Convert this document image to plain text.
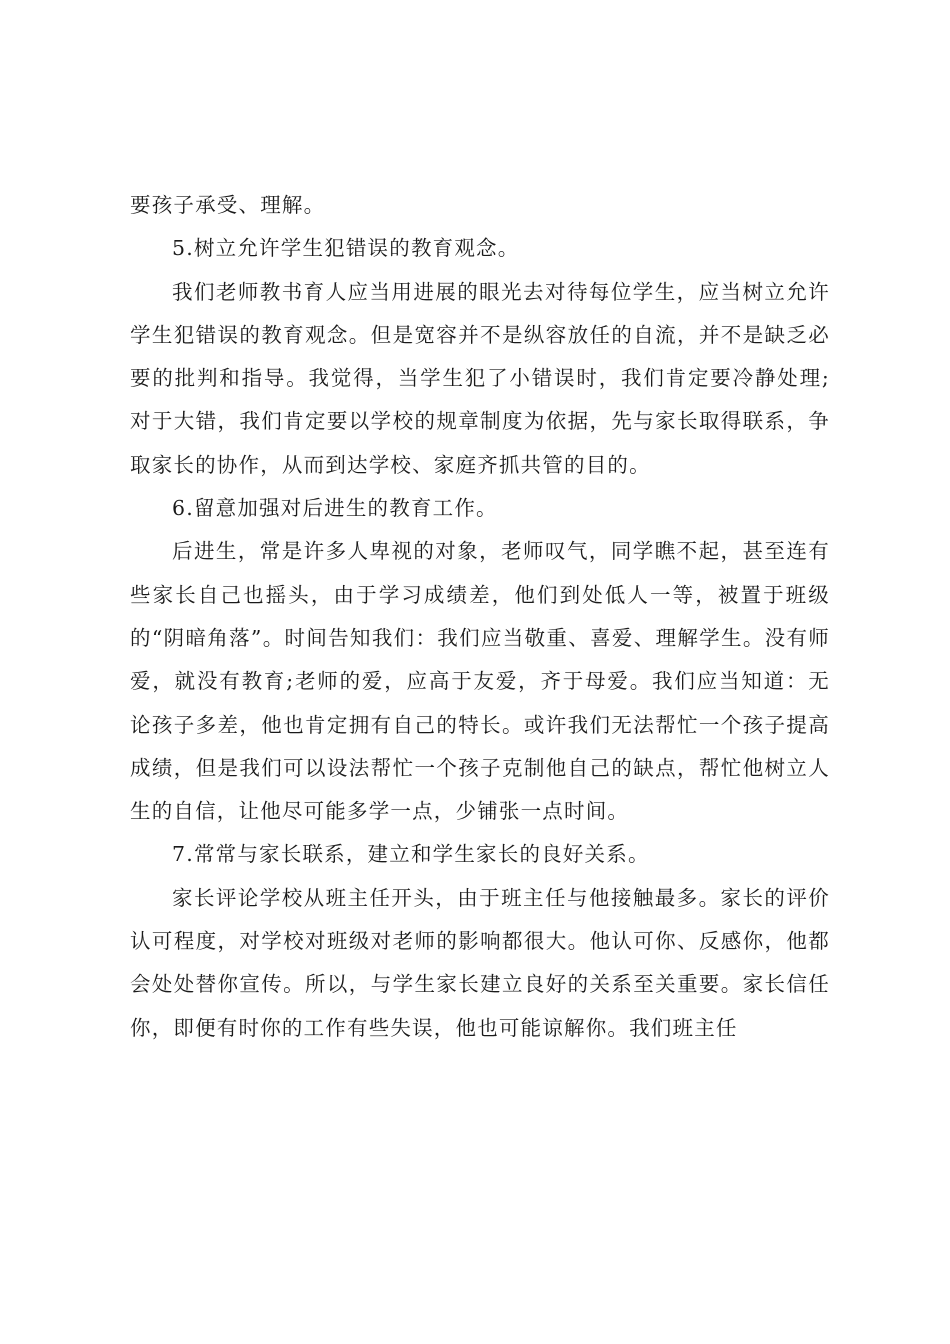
要孩子承受、理解。

5.树立允许学生犯错误的教育观念。

我们老师教书育人应当用进展的眼光去对待每位学生，应当树立允许学生犯错误的教育观念。但是宽容并不是纵容放任的自流，并不是缺乏必要的批判和指导。我觉得，当学生犯了小错误时，我们肯定要冷静处理;对于大错，我们肯定要以学校的规章制度为依据，先与家长取得联系，争取家长的协作，从而到达学校、家庭齐抓共管的目的。

6.留意加强对后进生的教育工作。

后进生，常是许多人卑视的对象，老师叹气，同学瞧不起，甚至连有些家长自己也摇头，由于学习成绩差，他们到处低人一等，被置于班级的“阴暗角落”。时间告知我们：我们应当敬重、喜爱、理解学生。没有师爱，就没有教育;老师的爱，应高于友爱，齐于母爱。我们应当知道：无论孩子多差，他也肯定拥有自己的特长。或许我们无法帮忙一个孩子提高成绩，但是我们可以设法帮忙一个孩子克制他自己的缺点，帮忙他树立人生的自信，让他尽可能多学一点，少铺张一点时间。

7.常常与家长联系，建立和学生家长的良好关系。

家长评论学校从班主任开头，由于班主任与他接触最多。家长的评价认可程度，对学校对班级对老师的影响都很大。他认可你、反感你，他都会处处替你宣传。所以，与学生家长建立良好的关系至关重要。家长信任你，即便有时你的工作有些失误，他也可能谅解你。我们班主任
